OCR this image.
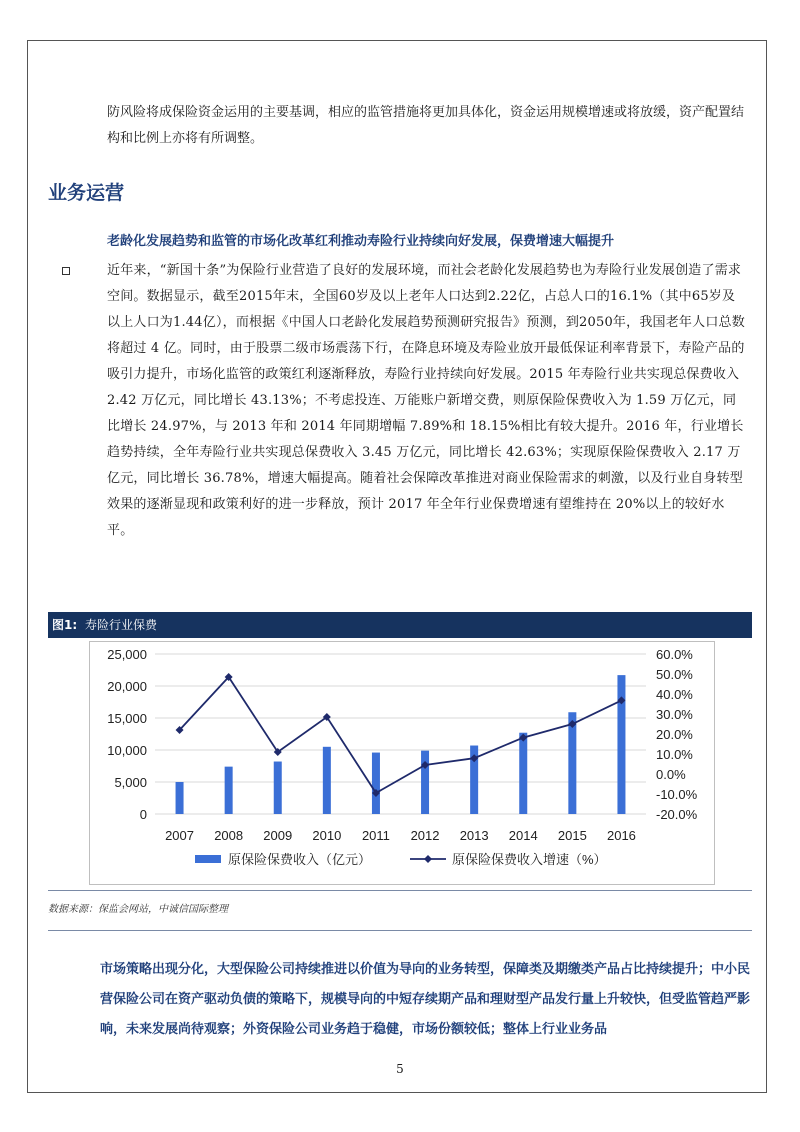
防风险将成保险资金运用的主要基调，相应的监管措施将更加具体化，资金运用规模增速或将放缓，资产配置结构和比例上亦将有所调整。

业务运营

老龄化发展趋势和监管的市场化改革红利推动寿险行业持续向好发展，保费增速大幅提升

近年来，“新国十条”为保险行业营造了良好的发展环境，而社会老龄化发展趋势也为寿险行业发展创造了需求空间。数据显示，截至2015年末，全国60岁及以上老年人口达到2.22亿，占总人口的16.1%（其中65岁及以上人口为1.44亿），而根据《中国人口老龄化发展趋势预测研究报告》预测，到2050年，我国老年人口总数将超过 4 亿。同时，由于股票二级市场震荡下行，在降息环境及寿险业放开最低保证利率背景下，寿险产品的吸引力提升，市场化监管的政策红利逐渐释放，寿险行业持续向好发展。2015 年寿险行业共实现总保费收入 2.42 万亿元，同比增长 43.13%；不考虑投连、万能账户新增交费，则原保险保费收入为 1.59 万亿元，同比增长 24.97%，与 2013 年和 2014 年同期增幅 7.89%和 18.15%相比有较大提升。2016 年，行业增长趋势持续，全年寿险行业共实现总保费收入 3.45 万亿元，同比增长 42.63%；实现原保险保费收入 2.17 万亿元，同比增长 36.78%，增速大幅提高。随着社会保障改革推进对商业保险需求的刺激，以及行业自身转型效果的逐渐显现和政策利好的进一步释放，预计 2017 年全年行业保费增速有望维持在 20%以上的较好水平。

图1: 寿险行业保费
0
5,000
10,000
15,000
20,000
25,000
-20.0%
-10.0%
0.0%
10.0%
20.0%
30.0%
40.0%
50.0%
60.0%
2007 2008 2009 2010 2011 2012 2013 2014 2015 2016
原保险保费收入（亿元）	原保险保费收入增速（%）
数据来源：保监会网站，中诚信国际整理

市场策略出现分化，大型保险公司持续推进以价值为导向的业务转型，保障类及期缴类产品占比持续提升；中小民营保险公司在资产驱动负债的策略下，规模导向的中短存续期产品和理财型产品发行量上升较快，但受监管趋严影响，未来发展尚待观察；外资保险公司业务趋于稳健，市场份额较低；整体上行业业务品

5
